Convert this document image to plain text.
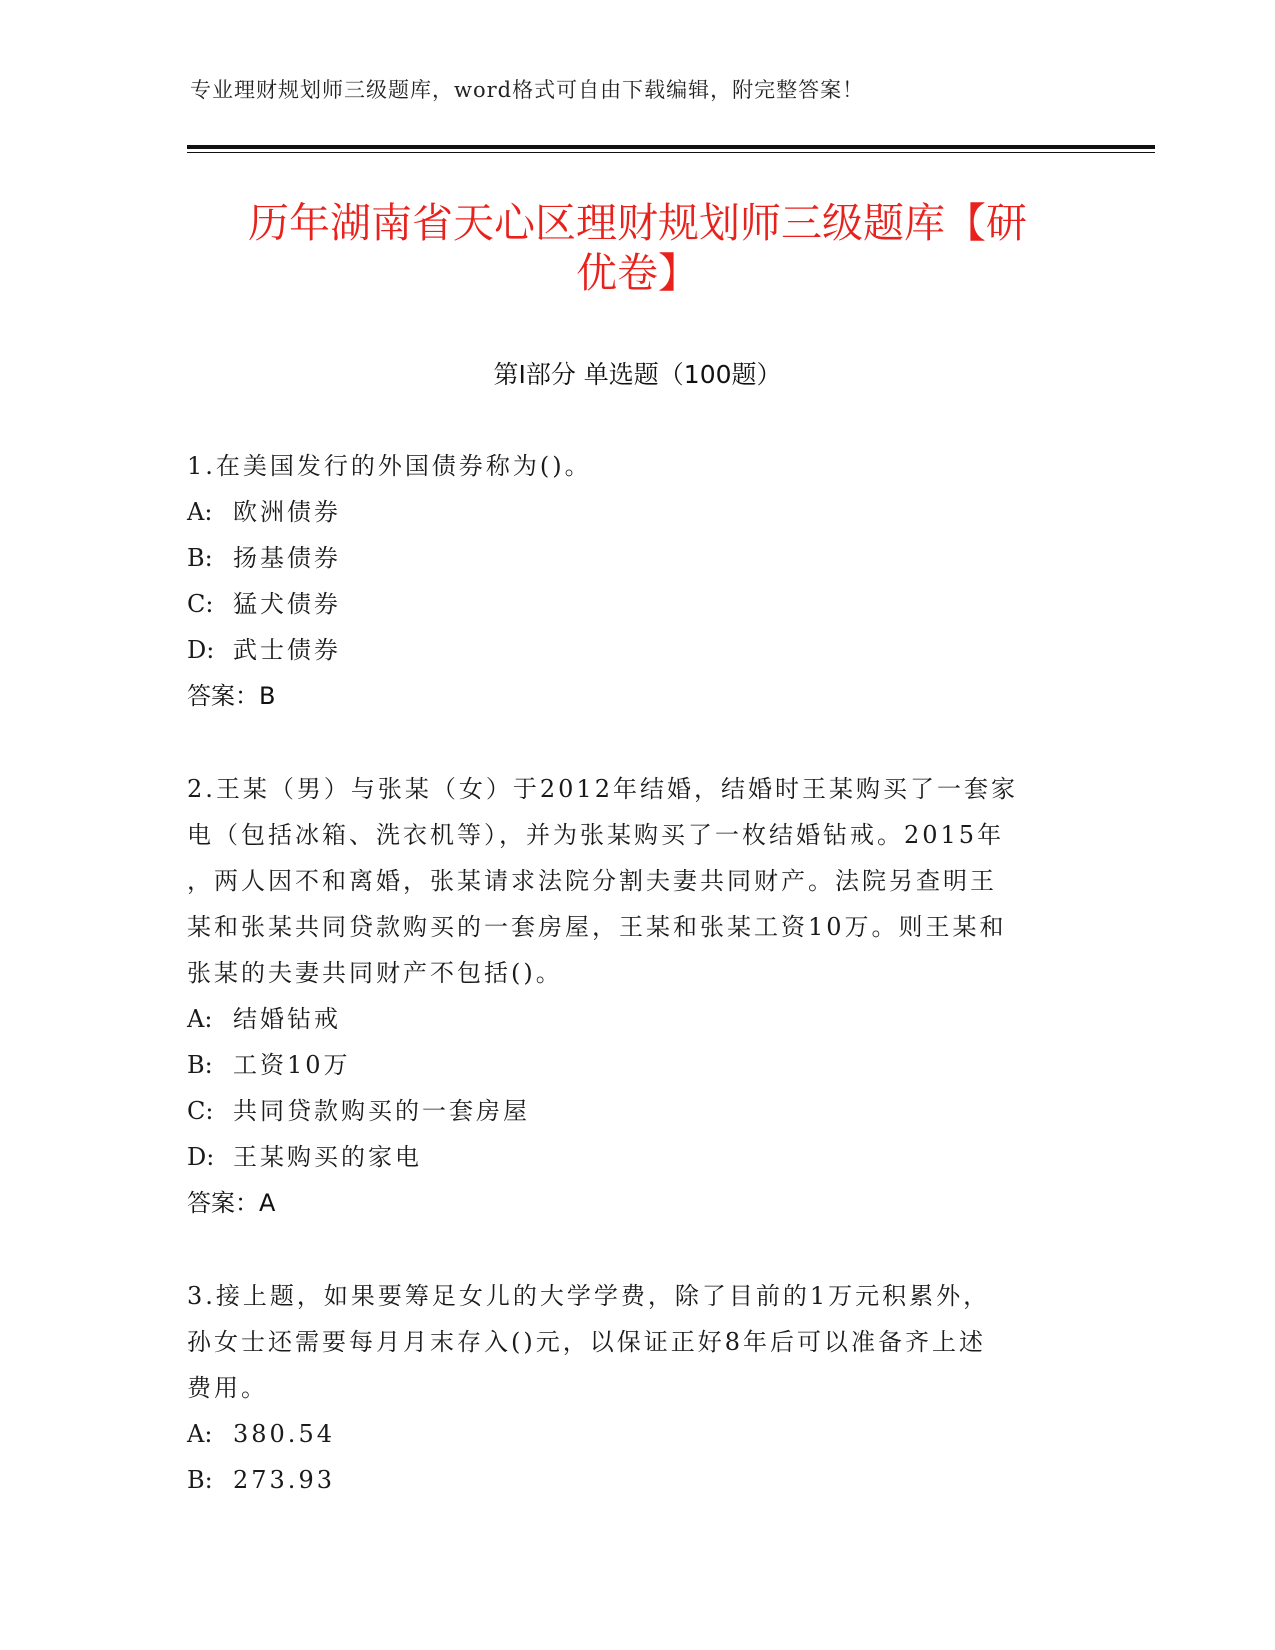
专业理财规划师三级题库，word格式可自由下载编辑，附完整答案！
历年湖南省天心区理财规划师三级题库【研
优卷】
第I部分 单选题（100题）
1.在美国发行的外国债券称为()。
A: 欧洲债券
B: 扬基债券
C: 猛犬债券
D: 武士债券
答案：B
2.王某（男）与张某（女）于2012年结婚，结婚时王某购买了一套家
电（包括冰箱、洗衣机等），并为张某购买了一枚结婚钻戒。2015年
，两人因不和离婚，张某请求法院分割夫妻共同财产。法院另查明王
某和张某共同贷款购买的一套房屋，王某和张某工资10万。则王某和
张某的夫妻共同财产不包括()。
A: 结婚钻戒
B: 工资10万
C: 共同贷款购买的一套房屋
D: 王某购买的家电
答案：A
3.接上题，如果要筹足女儿的大学学费，除了目前的1万元积累外，
孙女士还需要每月月末存入()元，以保证正好8年后可以准备齐上述
费用。
A: 380.54
B: 273.93
